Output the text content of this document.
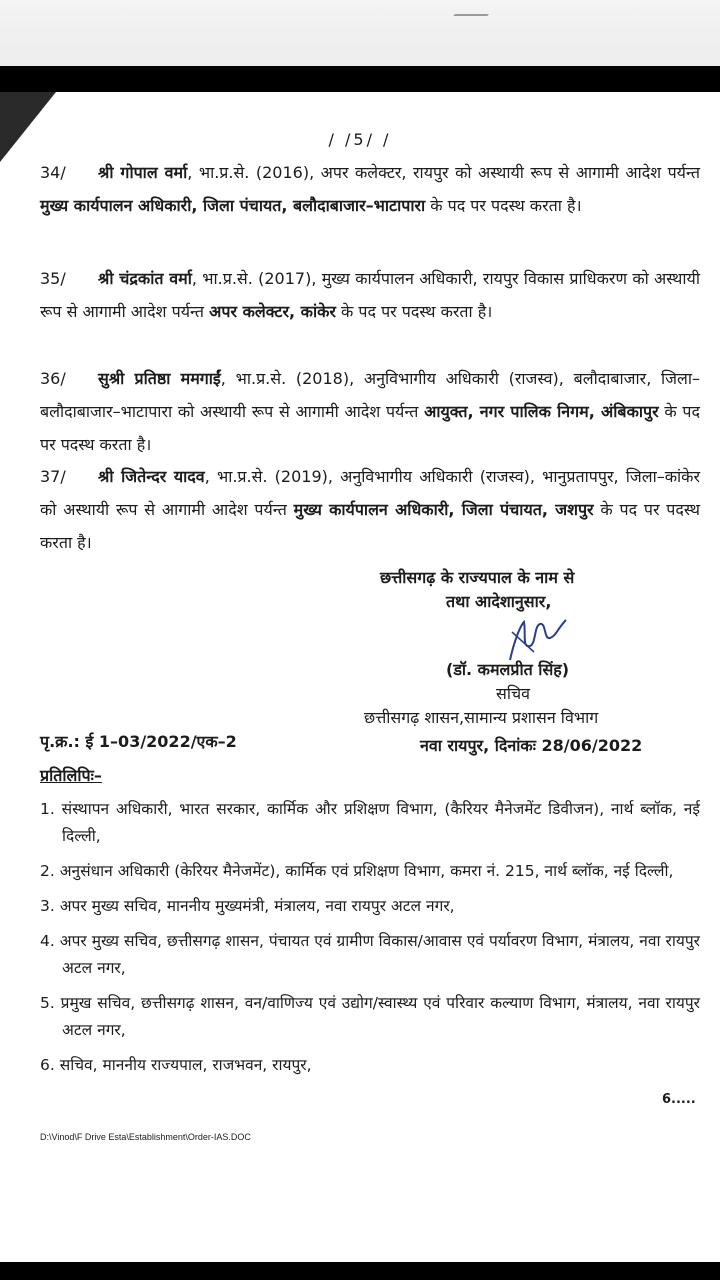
/ /5/ /
34/ श्री गोपाल वर्मा, भा.प्र.से. (2016), अपर कलेक्टर, रायपुर को अस्थायी रूप से आगामी आदेश पर्यन्त मुख्य कार्यपालन अधिकारी, जिला पंचायत, बलौदाबाजार–भाटापारा के पद पर पदस्थ करता है।
35/ श्री चंद्रकांत वर्मा, भा.प्र.से. (2017), मुख्य कार्यपालन अधिकारी, रायपुर विकास प्राधिकरण को अस्थायी रूप से आगामी आदेश पर्यन्त अपर कलेक्टर, कांकेर के पद पर पदस्थ करता है।
36/ सुश्री प्रतिष्ठा ममगाईं, भा.प्र.से. (2018), अनुविभागीय अधिकारी (राजस्व), बलौदाबाजार, जिला–बलौदाबाजार–भाटापारा को अस्थायी रूप से आगामी आदेश पर्यन्त आयुक्त, नगर पालिक निगम, अंबिकापुर के पद पर पदस्थ करता है।
37/ श्री जितेन्दर यादव, भा.प्र.से. (2019), अनुविभागीय अधिकारी (राजस्व), भानुप्रतापपुर, जिला–कांकेर को अस्थायी रूप से आगामी आदेश पर्यन्त मुख्य कार्यपालन अधिकारी, जिला पंचायत, जशपुर के पद पर पदस्थ करता है।
छत्तीसगढ़ के राज्यपाल के नाम से
तथा आदेशानुसार,
(डॉ. कमलप्रीत सिंह)
सचिव
छत्तीसगढ़ शासन,सामान्य प्रशासन विभाग
पृ.क्र.: ई 1–03/2022/एक–2	नवा रायपुर, दिनांकः 28/06/2022
प्रतिलिपिः–
1. संस्थापन अधिकारी, भारत सरकार, कार्मिक और प्रशिक्षण विभाग, (कैरियर मैनेजमेंट डिवीजन), नार्थ ब्लॉक, नई दिल्ली,
2. अनुसंधान अधिकारी (केरियर मैनेजमेंट), कार्मिक एवं प्रशिक्षण विभाग, कमरा नं. 215, नार्थ ब्लॉक, नई दिल्ली,
3. अपर मुख्य सचिव, माननीय मुख्यमंत्री, मंत्रालय, नवा रायपुर अटल नगर,
4. अपर मुख्य सचिव, छत्तीसगढ़ शासन, पंचायत एवं ग्रामीण विकास/आवास एवं पर्यावरण विभाग, मंत्रालय, नवा रायपुर अटल नगर,
5. प्रमुख सचिव, छत्तीसगढ़ शासन, वन/वाणिज्य एवं उद्योग/स्वास्थ्य एवं परिवार कल्याण विभाग, मंत्रालय, नवा रायपुर अटल नगर,
6. सचिव, माननीय राज्यपाल, राजभवन, रायपुर,
6.....
D:\Vinod\F Drive Esta\Establishment\Order-IAS.DOC
